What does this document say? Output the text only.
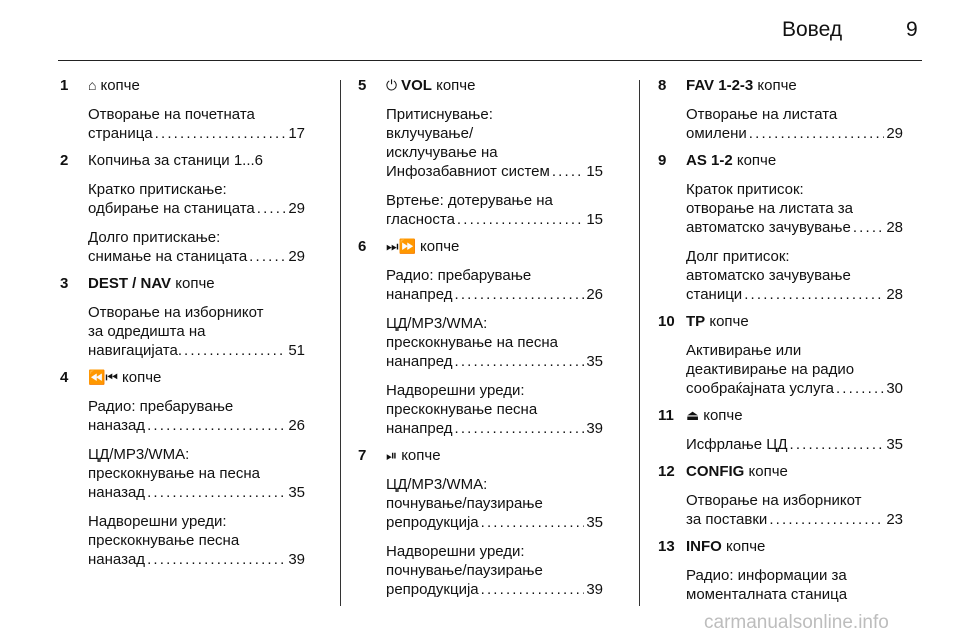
Вовед	9
1 ⌂ копче
Отворање на почетната
страница . . .	17
2 Копчиња за станици 1...6
Кратко притискање:
одбирање на станицата . . . 29
Долго притискање:
снимање на станицата . . .	29
3 DEST / NAV копче
Отворање на изборникот
за одредишта на
навигацијата. . . .	51
4 ⏪⏮ копче
Радио: пребарување
наназад . . .	26
ЦД/MP3/WMA:
прескокнување на песна
наназад . . .	35
Надворешни уреди:
прескокнување песна
наназад . . .	39
5 ⏻ VOL копче
Притиснување:
вклучување/
исклучување на
Инфозабавниот систем . . . 15
Вртење: дотерување на
гласноста . . .	15
6 ⏭⏩ копче
Радио: пребарување
нанапред . . .	26
ЦД/MP3/WMA:
прескокнување на песна
нанапред . . .	35
Надворешни уреди:
прескокнување песна
нанапред . . .	39
7 ⏯ копче
ЦД/MP3/WMA:
почнување/паузирање
репродукција . . .	35
Надворешни уреди:
почнување/паузирање
репродукција . . .	39
8 FAV 1-2-3 копче
Отворање на листата
омилени . . .	29
9 AS 1-2 копче
Краток притисок:
отворање на листата за
автоматско зачувување . . . 28
Долг притисок:
автоматско зачувување
станици . . .	28
10 TP копче
Активирање или
деактивирање на радио
сообраќајната услуга . . .	30
11 ⏏ копче
Исфрлање ЦД . . .	35
12 CONFIG копче
Отворање на изборникот
за поставки . . .	23
13 INFO копче
Радио: информации за
моменталната станица
carmanualsonline.info
